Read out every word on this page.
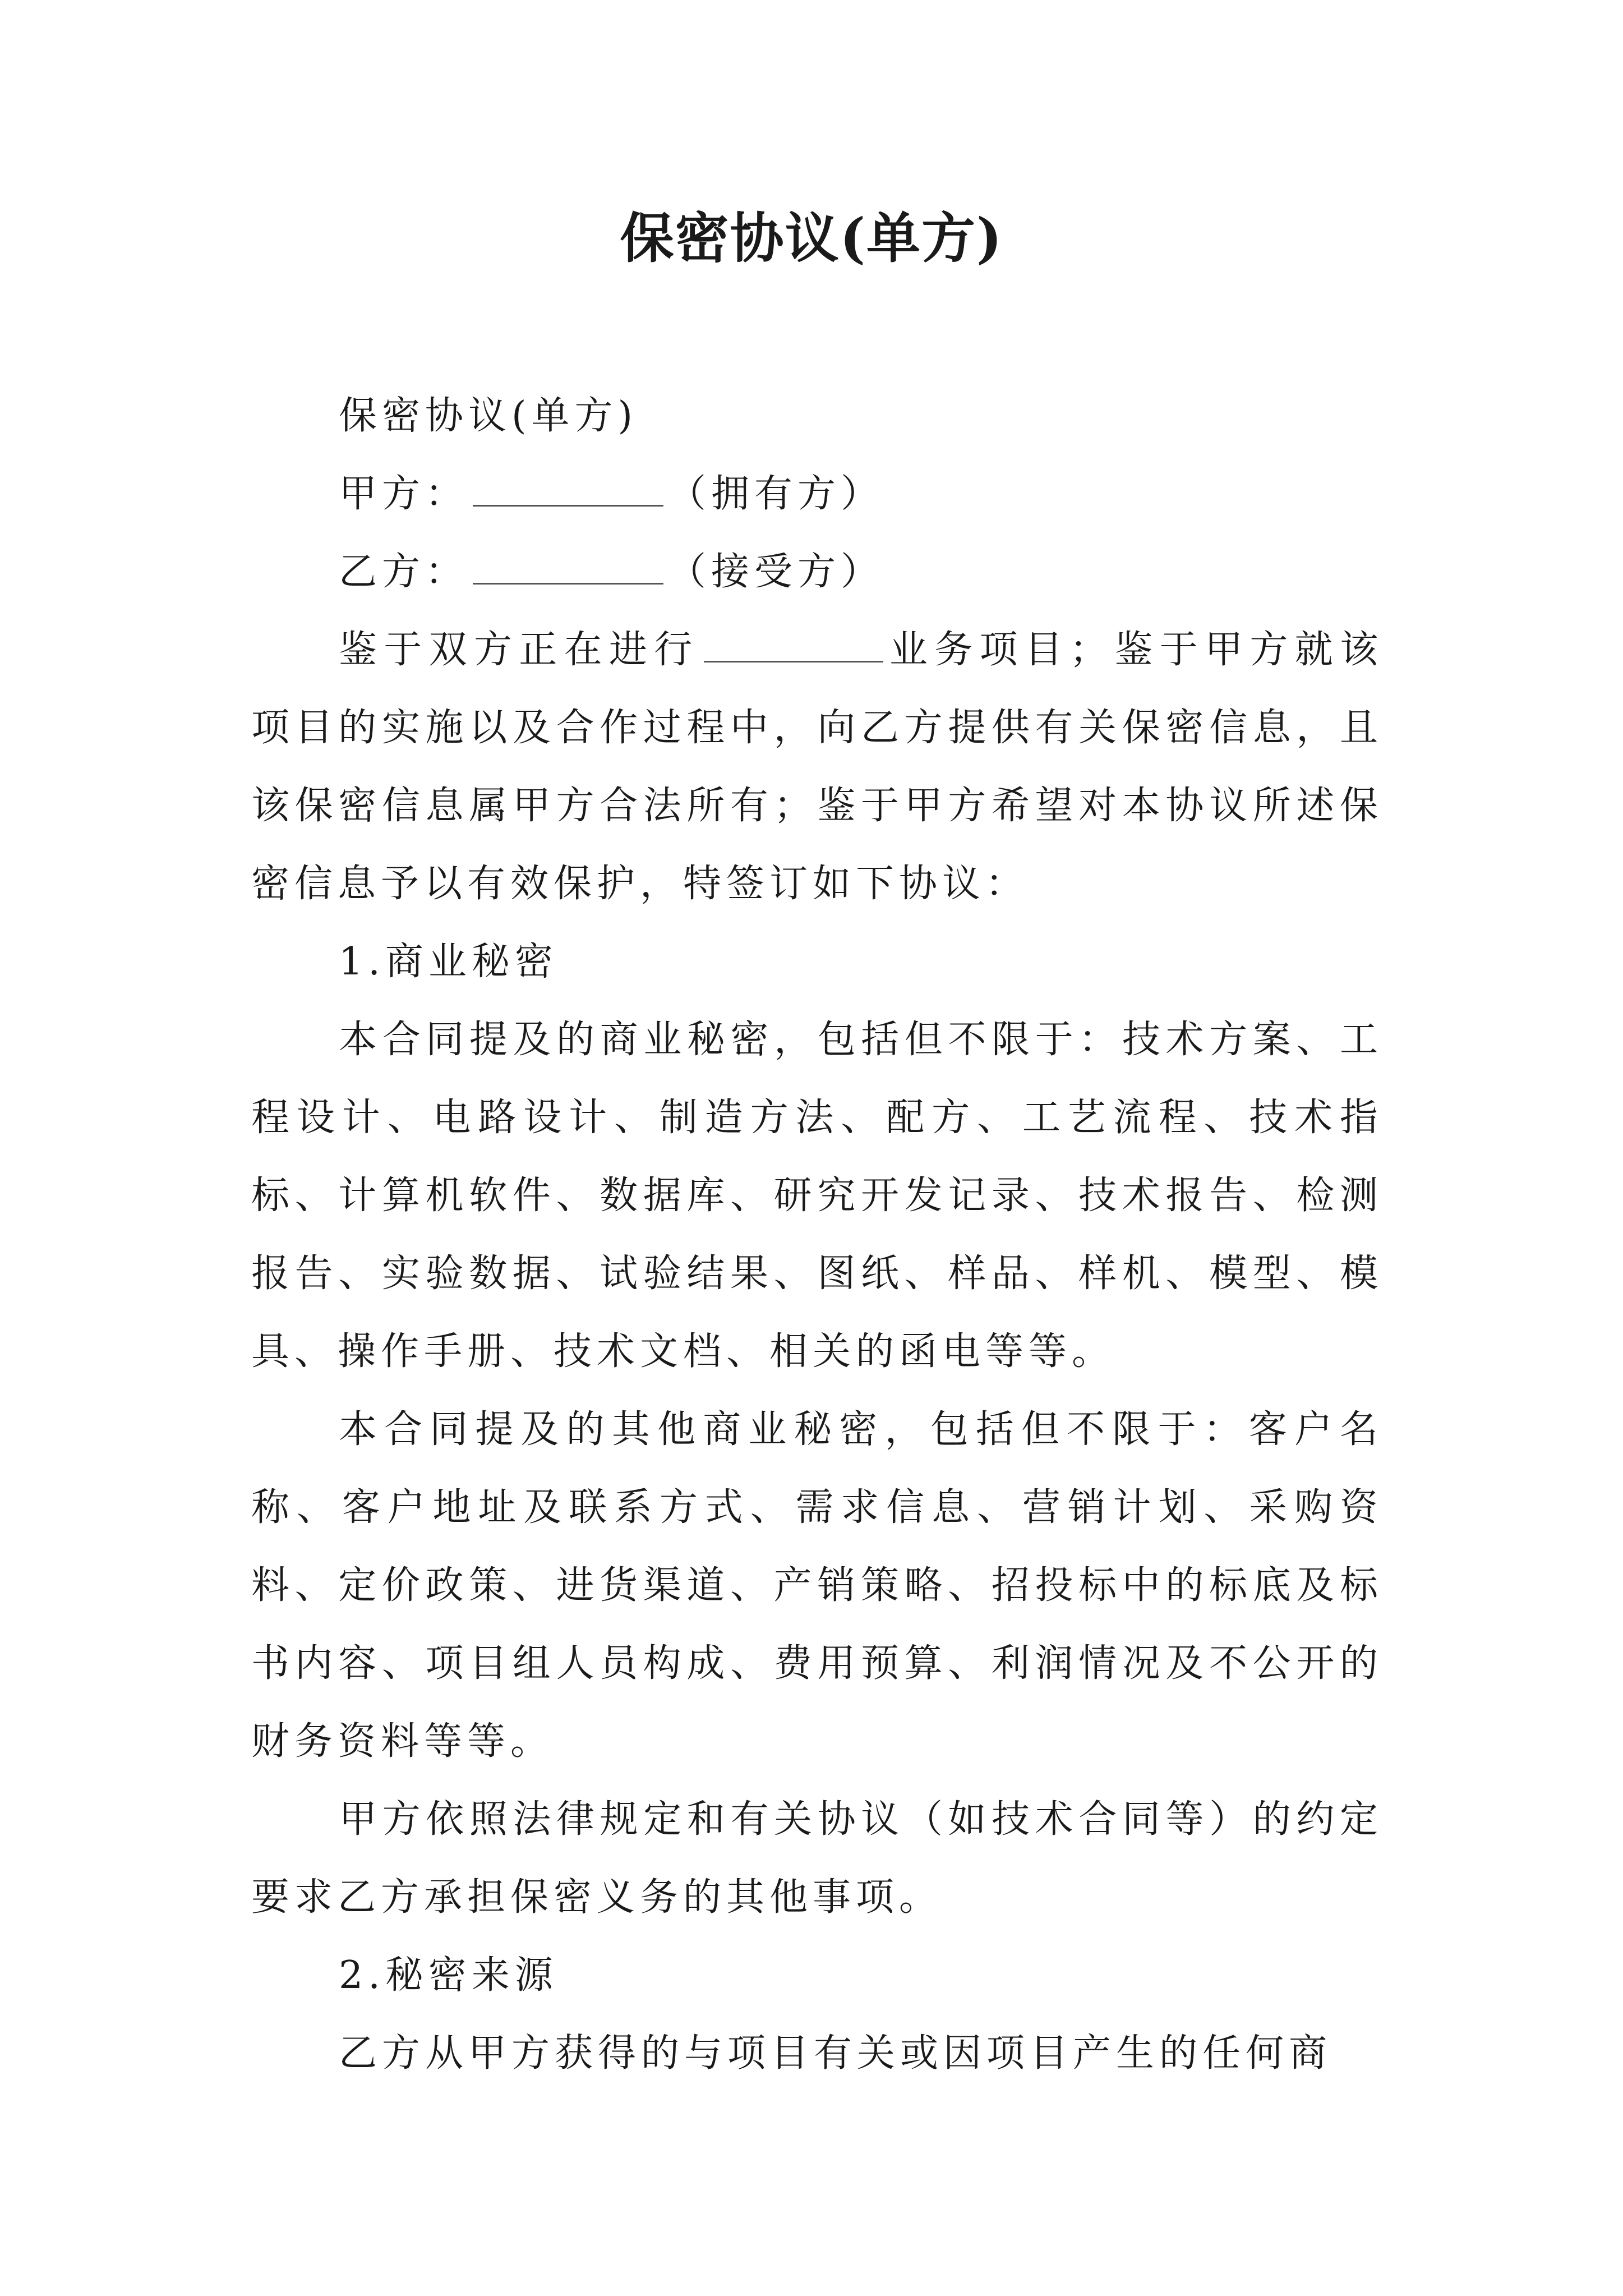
保密协议(单方)
保密协议(单方)
甲方：	（拥有方）
乙方：	（接受方）
鉴于双方正在进行	业务项目；鉴于甲方就该项目的实施以及合作过程中，向乙方提供有关保密信息，且该保密信息属甲方合法所有；鉴于甲方希望对本协议所述保密信息予以有效保护，特签订如下协议：
1.商业秘密
本合同提及的商业秘密，包括但不限于：技术方案、工程设计、电路设计、制造方法、配方、工艺流程、技术指标、计算机软件、数据库、研究开发记录、技术报告、检测报告、实验数据、试验结果、图纸、样品、样机、模型、模具、操作手册、技术文档、相关的函电等等。
本合同提及的其他商业秘密，包括但不限于：客户名称、客户地址及联系方式、需求信息、营销计划、采购资料、定价政策、进货渠道、产销策略、招投标中的标底及标书内容、项目组人员构成、费用预算、利润情况及不公开的财务资料等等。
甲方依照法律规定和有关协议（如技术合同等）的约定要求乙方承担保密义务的其他事项。
2.秘密来源
乙方从甲方获得的与项目有关或因项目产生的任何商
